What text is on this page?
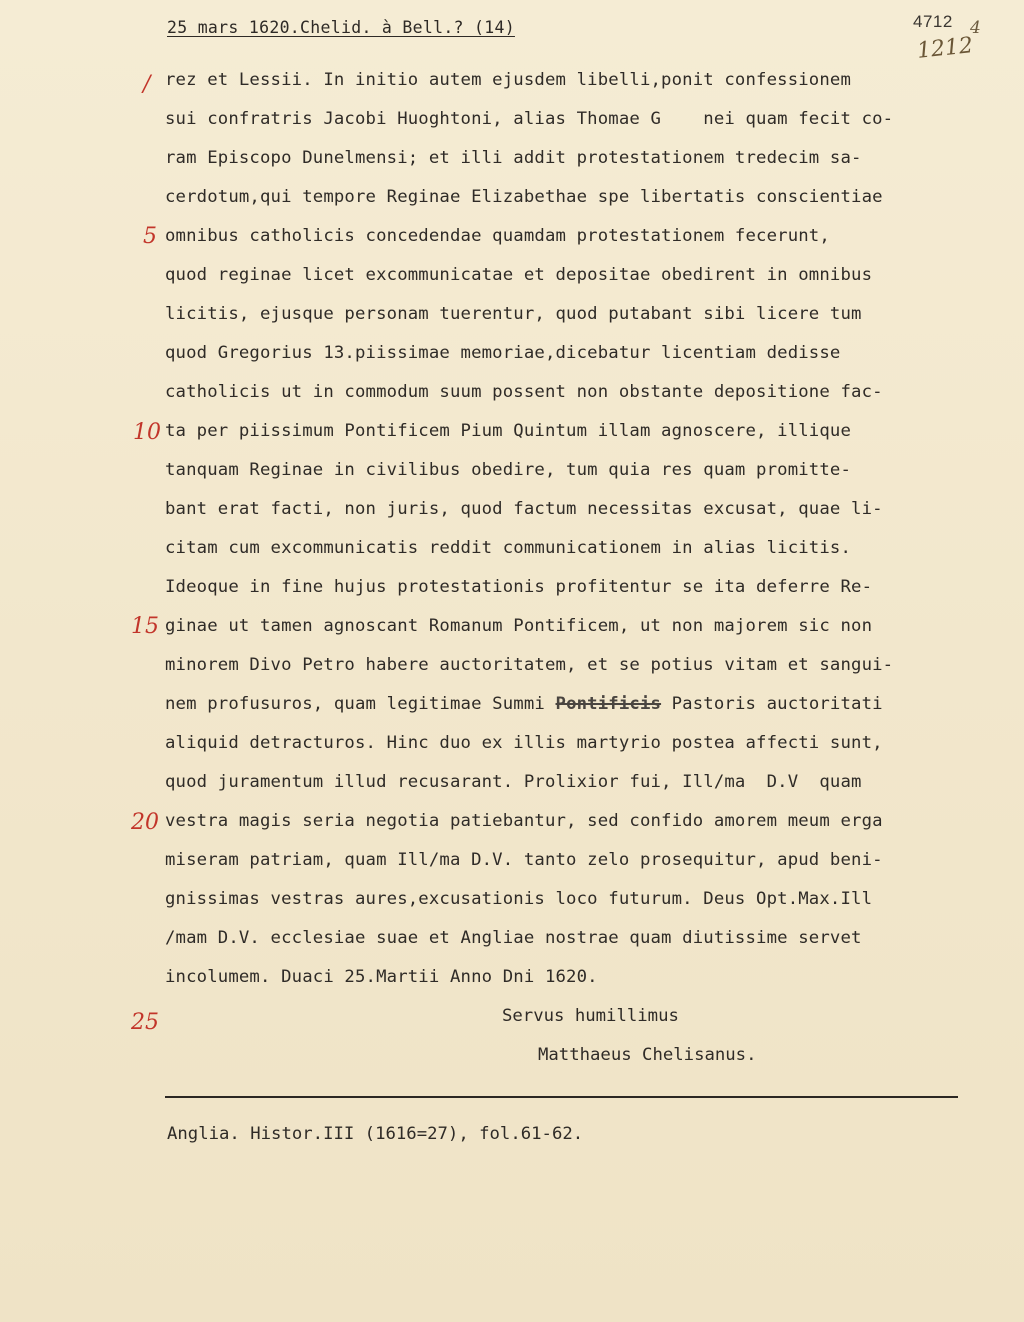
25 mars 1620.Chelid. à Bell.? (14)	4712 4
1212
/
5
10
15
20
25
rez et Lessii. In initio autem ejusdem libelli,ponit confessionem
sui confratris Jacobi Huoghtoni, alias Thomae G    nei quam fecit co-
ram Episcopo Dunelmensi; et illi addit protestationem tredecim sa-
cerdotum,qui tempore Reginae Elizabethae spe libertatis conscientiae
omnibus catholicis concedendae quamdam protestationem fecerunt,
quod reginae licet excommunicatae et depositae obedirent in omnibus
licitis, ejusque personam tuerentur, quod putabant sibi licere tum
quod Gregorius 13.piissimae memoriae,dicebatur licentiam dedisse
catholicis ut in commodum suum possent non obstante depositione fac-
ta per piissimum Pontificem Pium Quintum illam agnoscere, illique
tanquam Reginae in civilibus obedire, tum quia res quam promitte-
bant erat facti, non juris, quod factum necessitas excusat, quae li-
citam cum excommunicatis reddit communicationem in alias licitis.
Ideoque in fine hujus protestationis profitentur se ita deferre Re-
ginae ut tamen agnoscant Romanum Pontificem, ut non majorem sic non
minorem Divo Petro habere auctoritatem, et se potius vitam et sangui-
nem profusuros, quam legitimae Summi Pontificis Pastoris auctoritati
aliquid detracturos. Hinc duo ex illis martyrio postea affecti sunt,
quod juramentum illud recusarant. Prolixior fui, Ill/ma  D.V  quam
vestra magis seria negotia patiebantur, sed confido amorem meum erga
miseram patriam, quam Ill/ma D.V. tanto zelo prosequitur, apud beni-
gnissimas vestras aures,excusationis loco futurum. Deus Opt.Max.Ill
/mam D.V. ecclesiae suae et Angliae nostrae quam diutissime servet
incolumem. Duaci 25.Martii Anno Dni 1620.
Servus humillimus
Matthaeus Chelisanus.
Anglia. Histor.III (1616=27), fol.61-62.
